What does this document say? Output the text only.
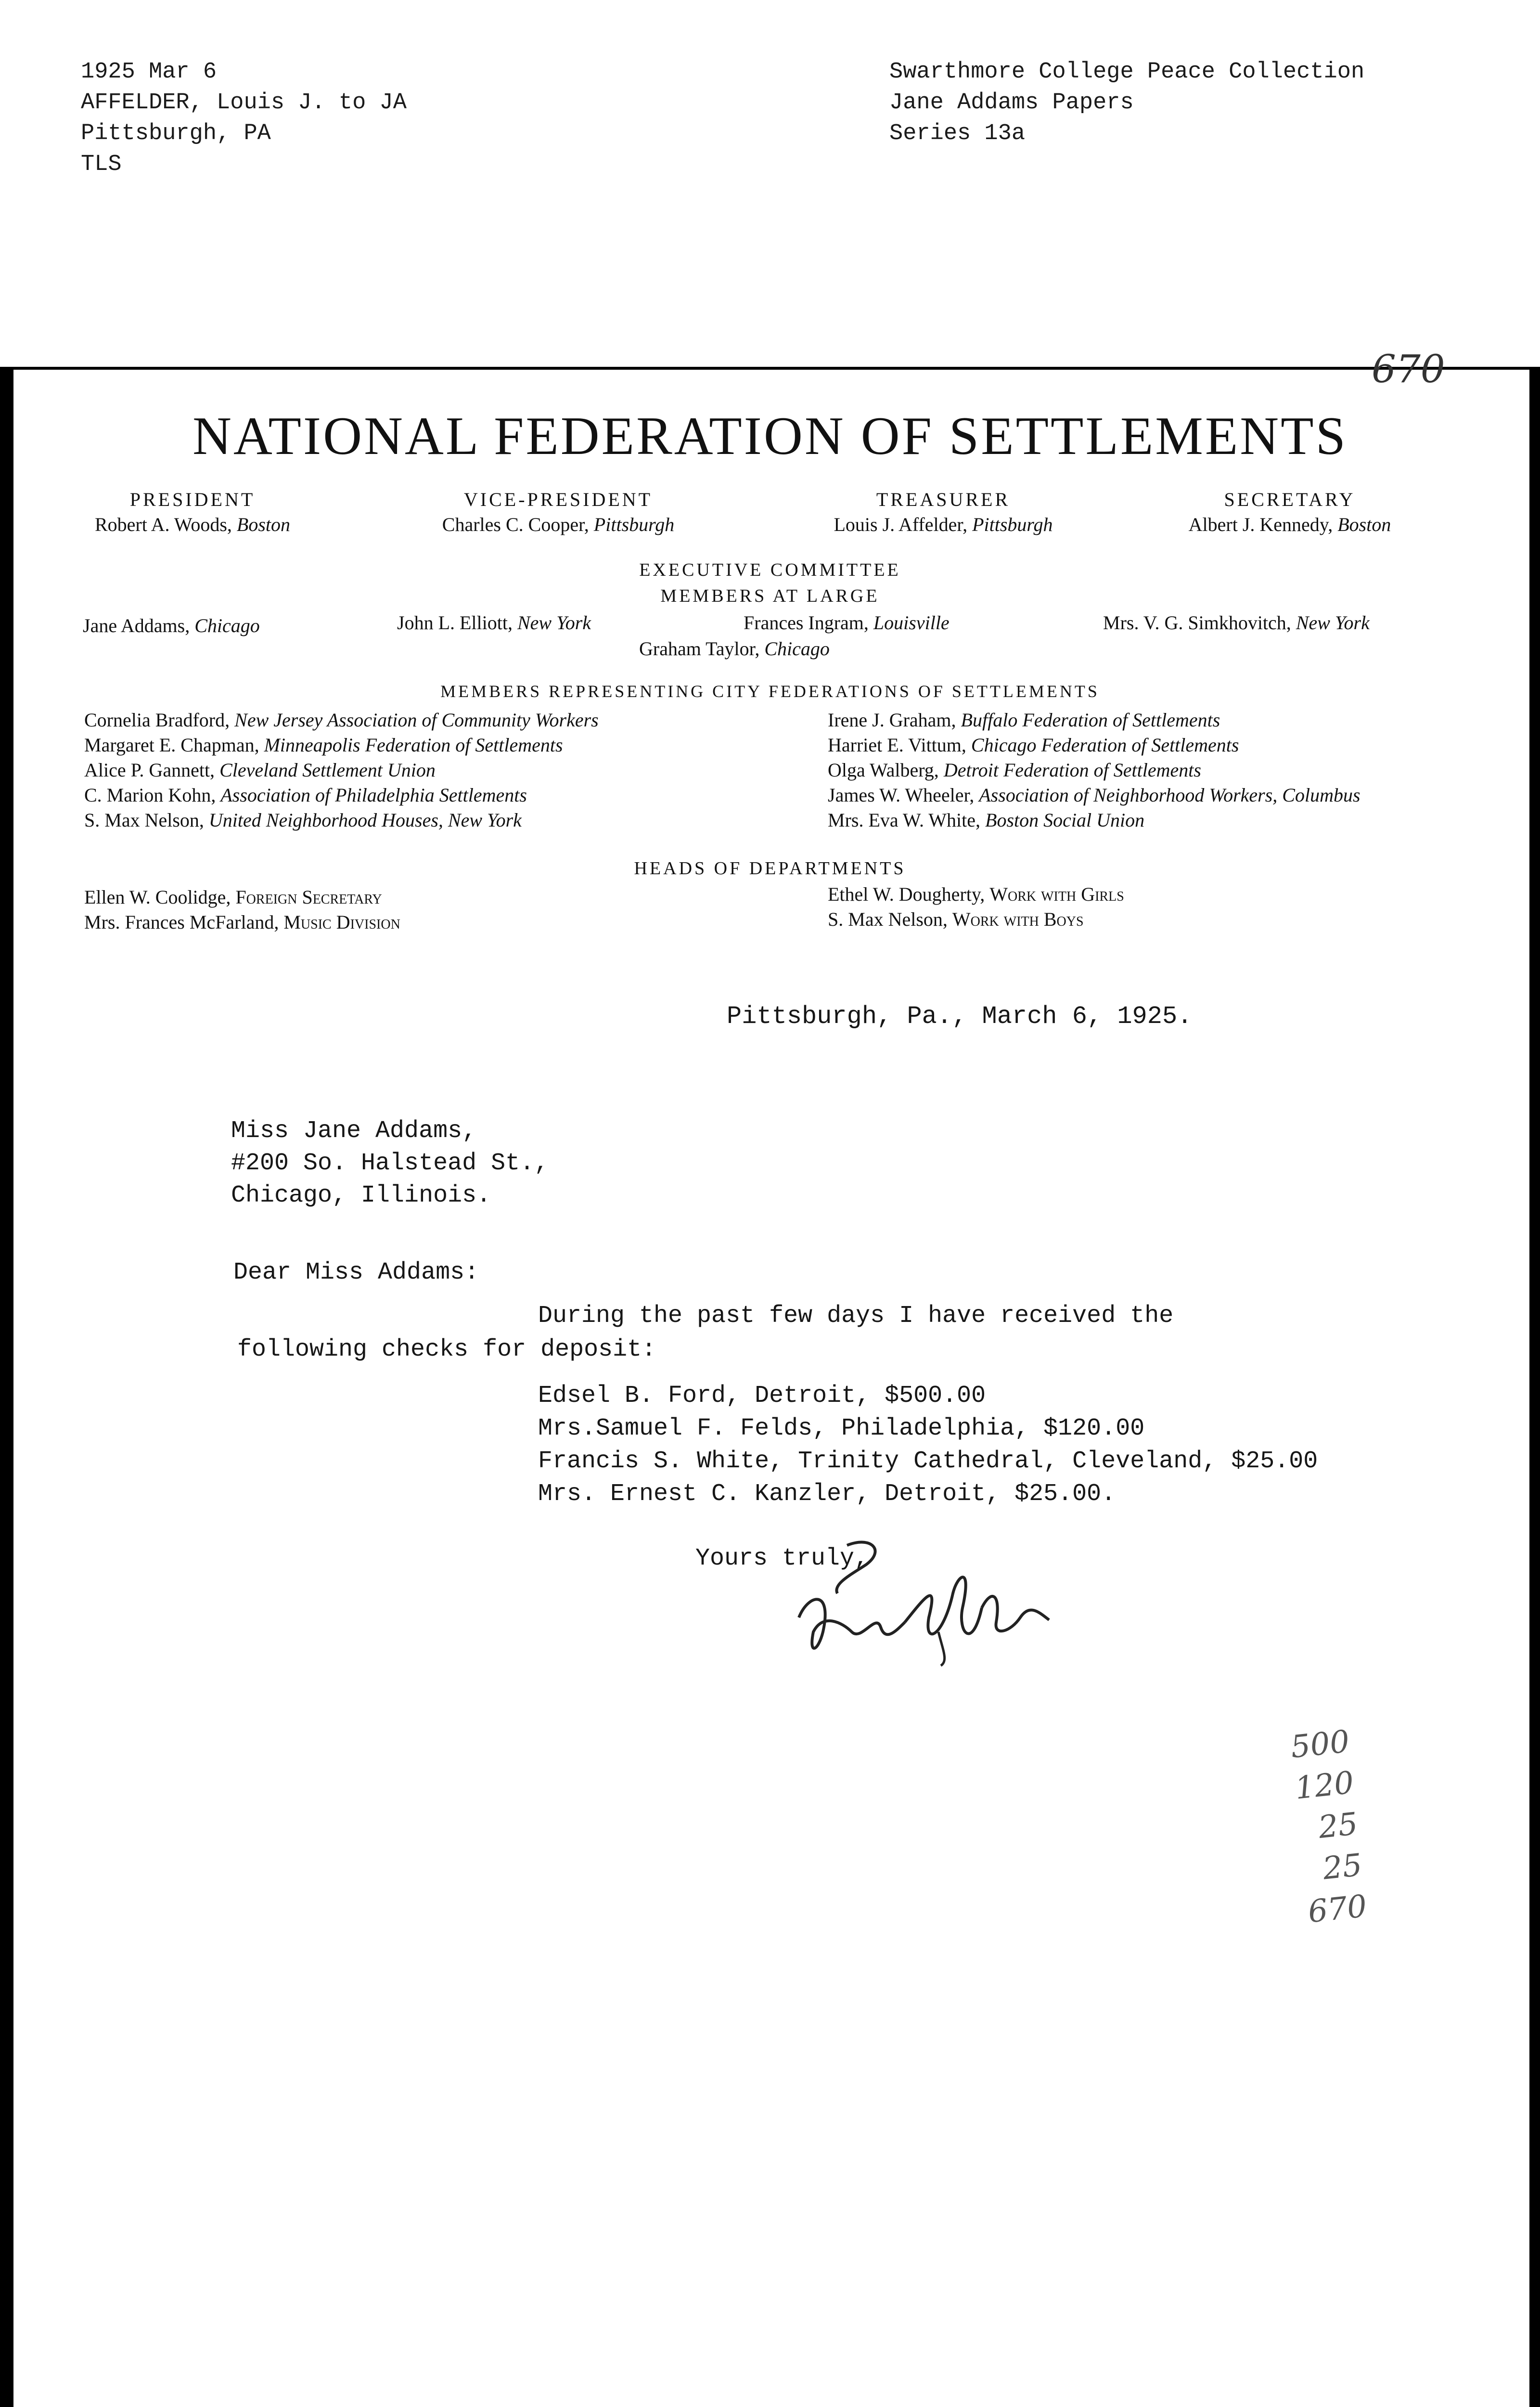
1925 Mar 6
AFFELDER, Louis J. to JA
Pittsburgh, PA
TLS
Swarthmore College Peace Collection
Jane Addams Papers
Series 13a
670
NATIONAL FEDERATION OF SETTLEMENTS
PRESIDENT
Robert A. Woods, Boston
VICE-PRESIDENT
Charles C. Cooper, Pittsburgh
TREASURER
Louis J. Affelder, Pittsburgh
SECRETARY
Albert J. Kennedy, Boston
EXECUTIVE COMMITTEE
MEMBERS AT LARGE
Jane Addams, Chicago	John L. Elliott, New York	Frances Ingram, Louisville	Mrs. V. G. Simkhovitch, New York
Graham Taylor, Chicago
MEMBERS REPRESENTING CITY FEDERATIONS OF SETTLEMENTS
Cornelia Bradford, New Jersey Association of Community Workers
Margaret E. Chapman, Minneapolis Federation of Settlements
Alice P. Gannett, Cleveland Settlement Union
C. Marion Kohn, Association of Philadelphia Settlements
S. Max Nelson, United Neighborhood Houses, New York
Irene J. Graham, Buffalo Federation of Settlements
Harriet E. Vittum, Chicago Federation of Settlements
Olga Walberg, Detroit Federation of Settlements
James W. Wheeler, Association of Neighborhood Workers, Columbus
Mrs. Eva W. White, Boston Social Union
HEADS OF DEPARTMENTS
Ellen W. Coolidge, Foreign Secretary
Mrs. Frances McFarland, Music Division
Ethel W. Dougherty, Work with Girls
S. Max Nelson, Work with Boys
Pittsburgh, Pa., March 6, 1925.
Miss Jane Addams,
#200 So. Halstead St.,
Chicago, Illinois.
Dear Miss Addams:
During the past few days I have received the
following checks for deposit:
Edsel B. Ford, Detroit, $500.00
Mrs.Samuel F. Felds, Philadelphia, $120.00
Francis S. White, Trinity Cathedral, Cleveland, $25.00
Mrs. Ernest C. Kanzler, Detroit, $25.00.
Yours truly,
500
120
25
25
670
